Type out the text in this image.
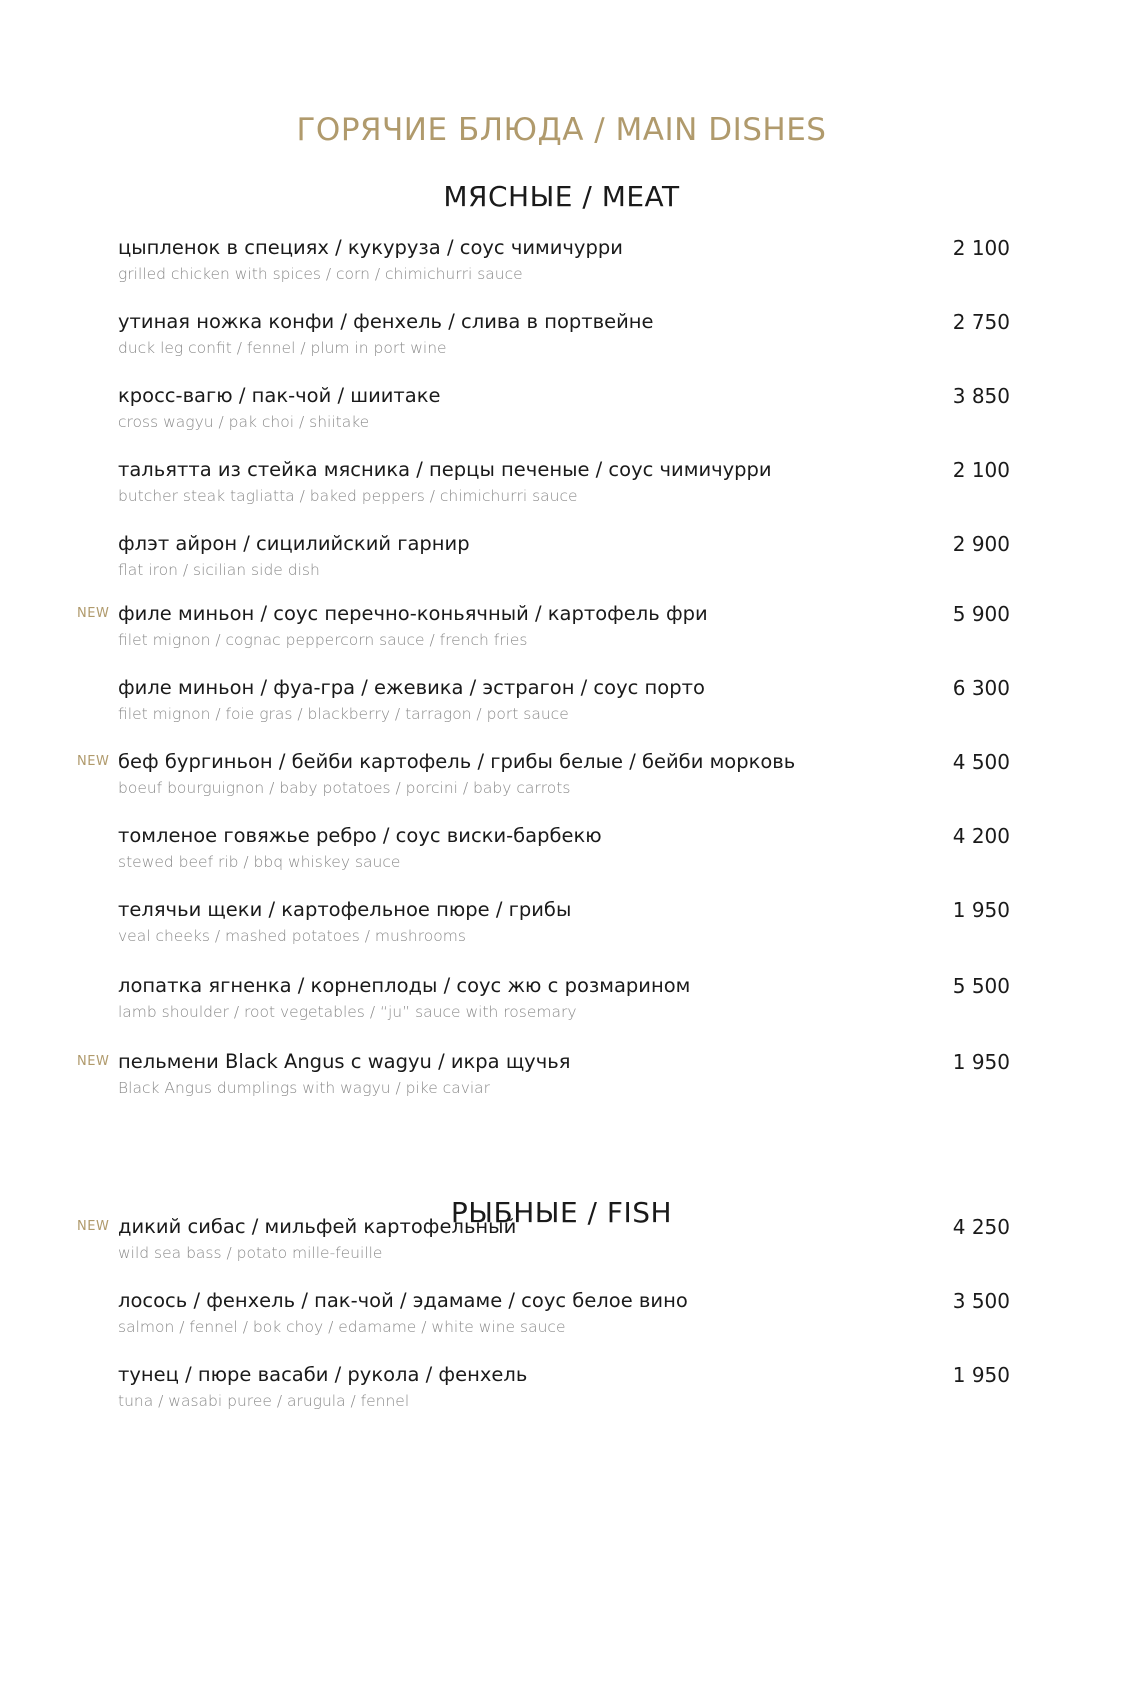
ГОРЯЧИЕ БЛЮДА / MAIN DISHES
МЯСНЫЕ / MEAT
цыпленок в специях / кукуруза / соус чимичурри
grilled chicken with spices / corn / chimichurri sauce
2 100
утиная ножка конфи / фенхель / слива в портвейне
duck leg confit / fennel / plum in port wine
2 750
кросс-вагю / пак-чой / шиитаке
cross wagyu / pak choi / shiitake
3 850
тальятта из стейка мясника / перцы печеные / соус чимичурри
butcher steak tagliatta / baked peppers / chimichurri sauce
2 100
флэт айрон / сицилийский гарнир
flat iron / sicilian side dish
2 900
NEW филе миньон / соус перечно-коньячный / картофель фри
filet mignon / cognac peppercorn sauce / french fries
5 900
филе миньон / фуа-гра / ежевика / эстрагон / соус порто
filet mignon / foie gras / blackberry / tarragon / port sauce
6 300
NEW беф бургиньон / бейби картофель / грибы белые / бейби морковь
boeuf bourguignon / baby potatoes / porcini / baby carrots
4 500
томленое говяжье ребро / соус виски-барбекю
stewed beef rib / bbq whiskey sauce
4 200
телячьи щеки / картофельное пюре / грибы
veal cheeks / mashed potatoes / mushrooms
1 950
лопатка ягненка / корнеплоды / соус жю с розмарином
lamb shoulder / root vegetables / “ju” sauce with rosemary
5 500
NEW пельмени Black Angus с wagyu / икра щучья
Black Angus dumplings with wagyu / pike caviar
1 950
РЫБНЫЕ / FISH
NEW дикий сибас / мильфей картофельный
wild sea bass / potato mille-feuille
4 250
лосось / фенхель / пак-чой / эдамаме / соус белое вино
salmon / fennel / bok choy / edamame / white wine sauce
3 500
тунец / пюре васаби / рукола / фенхель
tuna / wasabi puree / arugula / fennel
1 950
